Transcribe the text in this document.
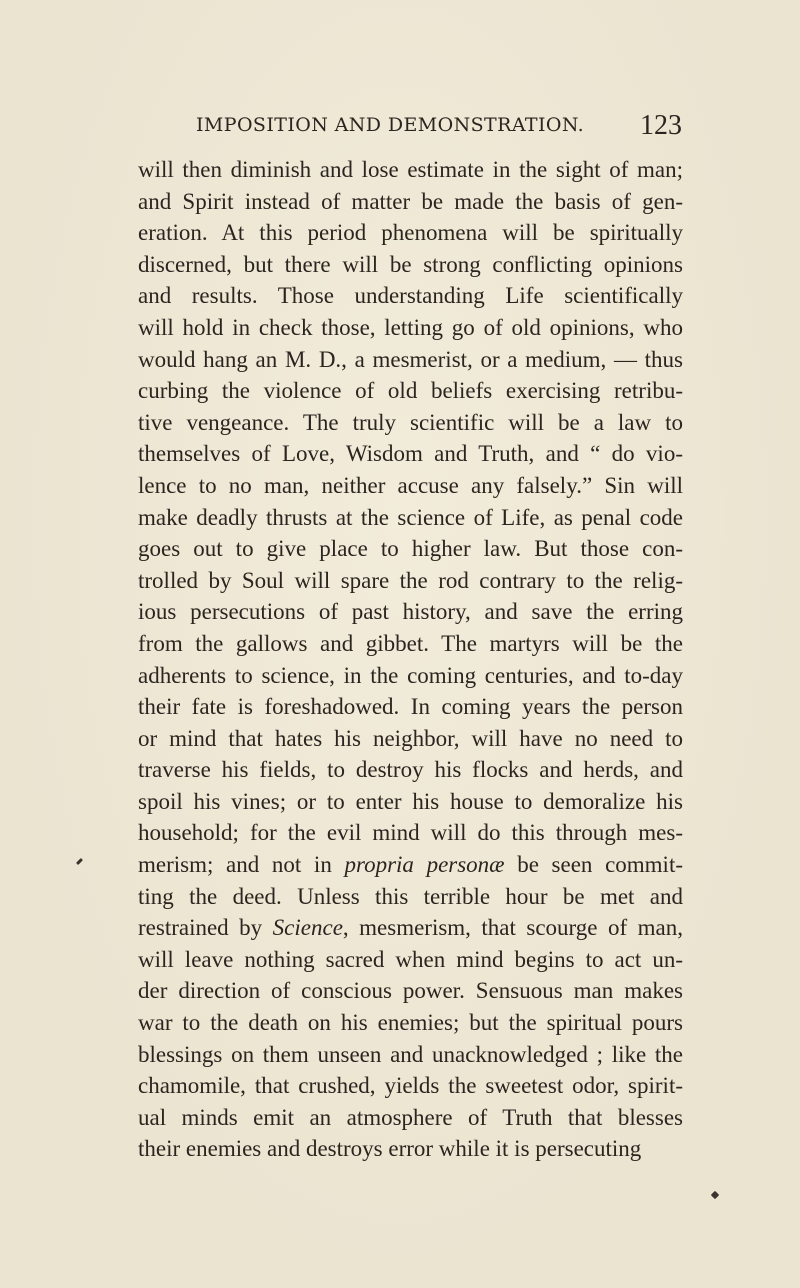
IMPOSITION AND DEMONSTRATION. 123
will then diminish and lose estimate in the sight of man;
and Spirit instead of matter be made the basis of gen-
eration. At this period phenomena will be spiritually
discerned, but there will be strong conflicting opinions
and results. Those understanding Life scientifically
will hold in check those, letting go of old opinions, who
would hang an M. D., a mesmerist, or a medium, — thus
curbing the violence of old beliefs exercising retribu-
tive vengeance. The truly scientific will be a law to
themselves of Love, Wisdom and Truth, and “ do vio-
lence to no man, neither accuse any falsely.” Sin will
make deadly thrusts at the science of Life, as penal code
goes out to give place to higher law. But those con-
trolled by Soul will spare the rod contrary to the relig-
ious persecutions of past history, and save the erring
from the gallows and gibbet. The martyrs will be the
adherents to science, in the coming centuries, and to-day
their fate is foreshadowed. In coming years the person
or mind that hates his neighbor, will have no need to
traverse his fields, to destroy his flocks and herds, and
spoil his vines; or to enter his house to demoralize his
household; for the evil mind will do this through mes-
merism; and not in propria personæ be seen commit-
ting the deed. Unless this terrible hour be met and
restrained by Science, mesmerism, that scourge of man,
will leave nothing sacred when mind begins to act un-
der direction of conscious power. Sensuous man makes
war to the death on his enemies; but the spiritual pours
blessings on them unseen and unacknowledged ; like the
chamomile, that crushed, yields the sweetest odor, spirit-
ual minds emit an atmosphere of Truth that blesses
their enemies and destroys error while it is persecuting
